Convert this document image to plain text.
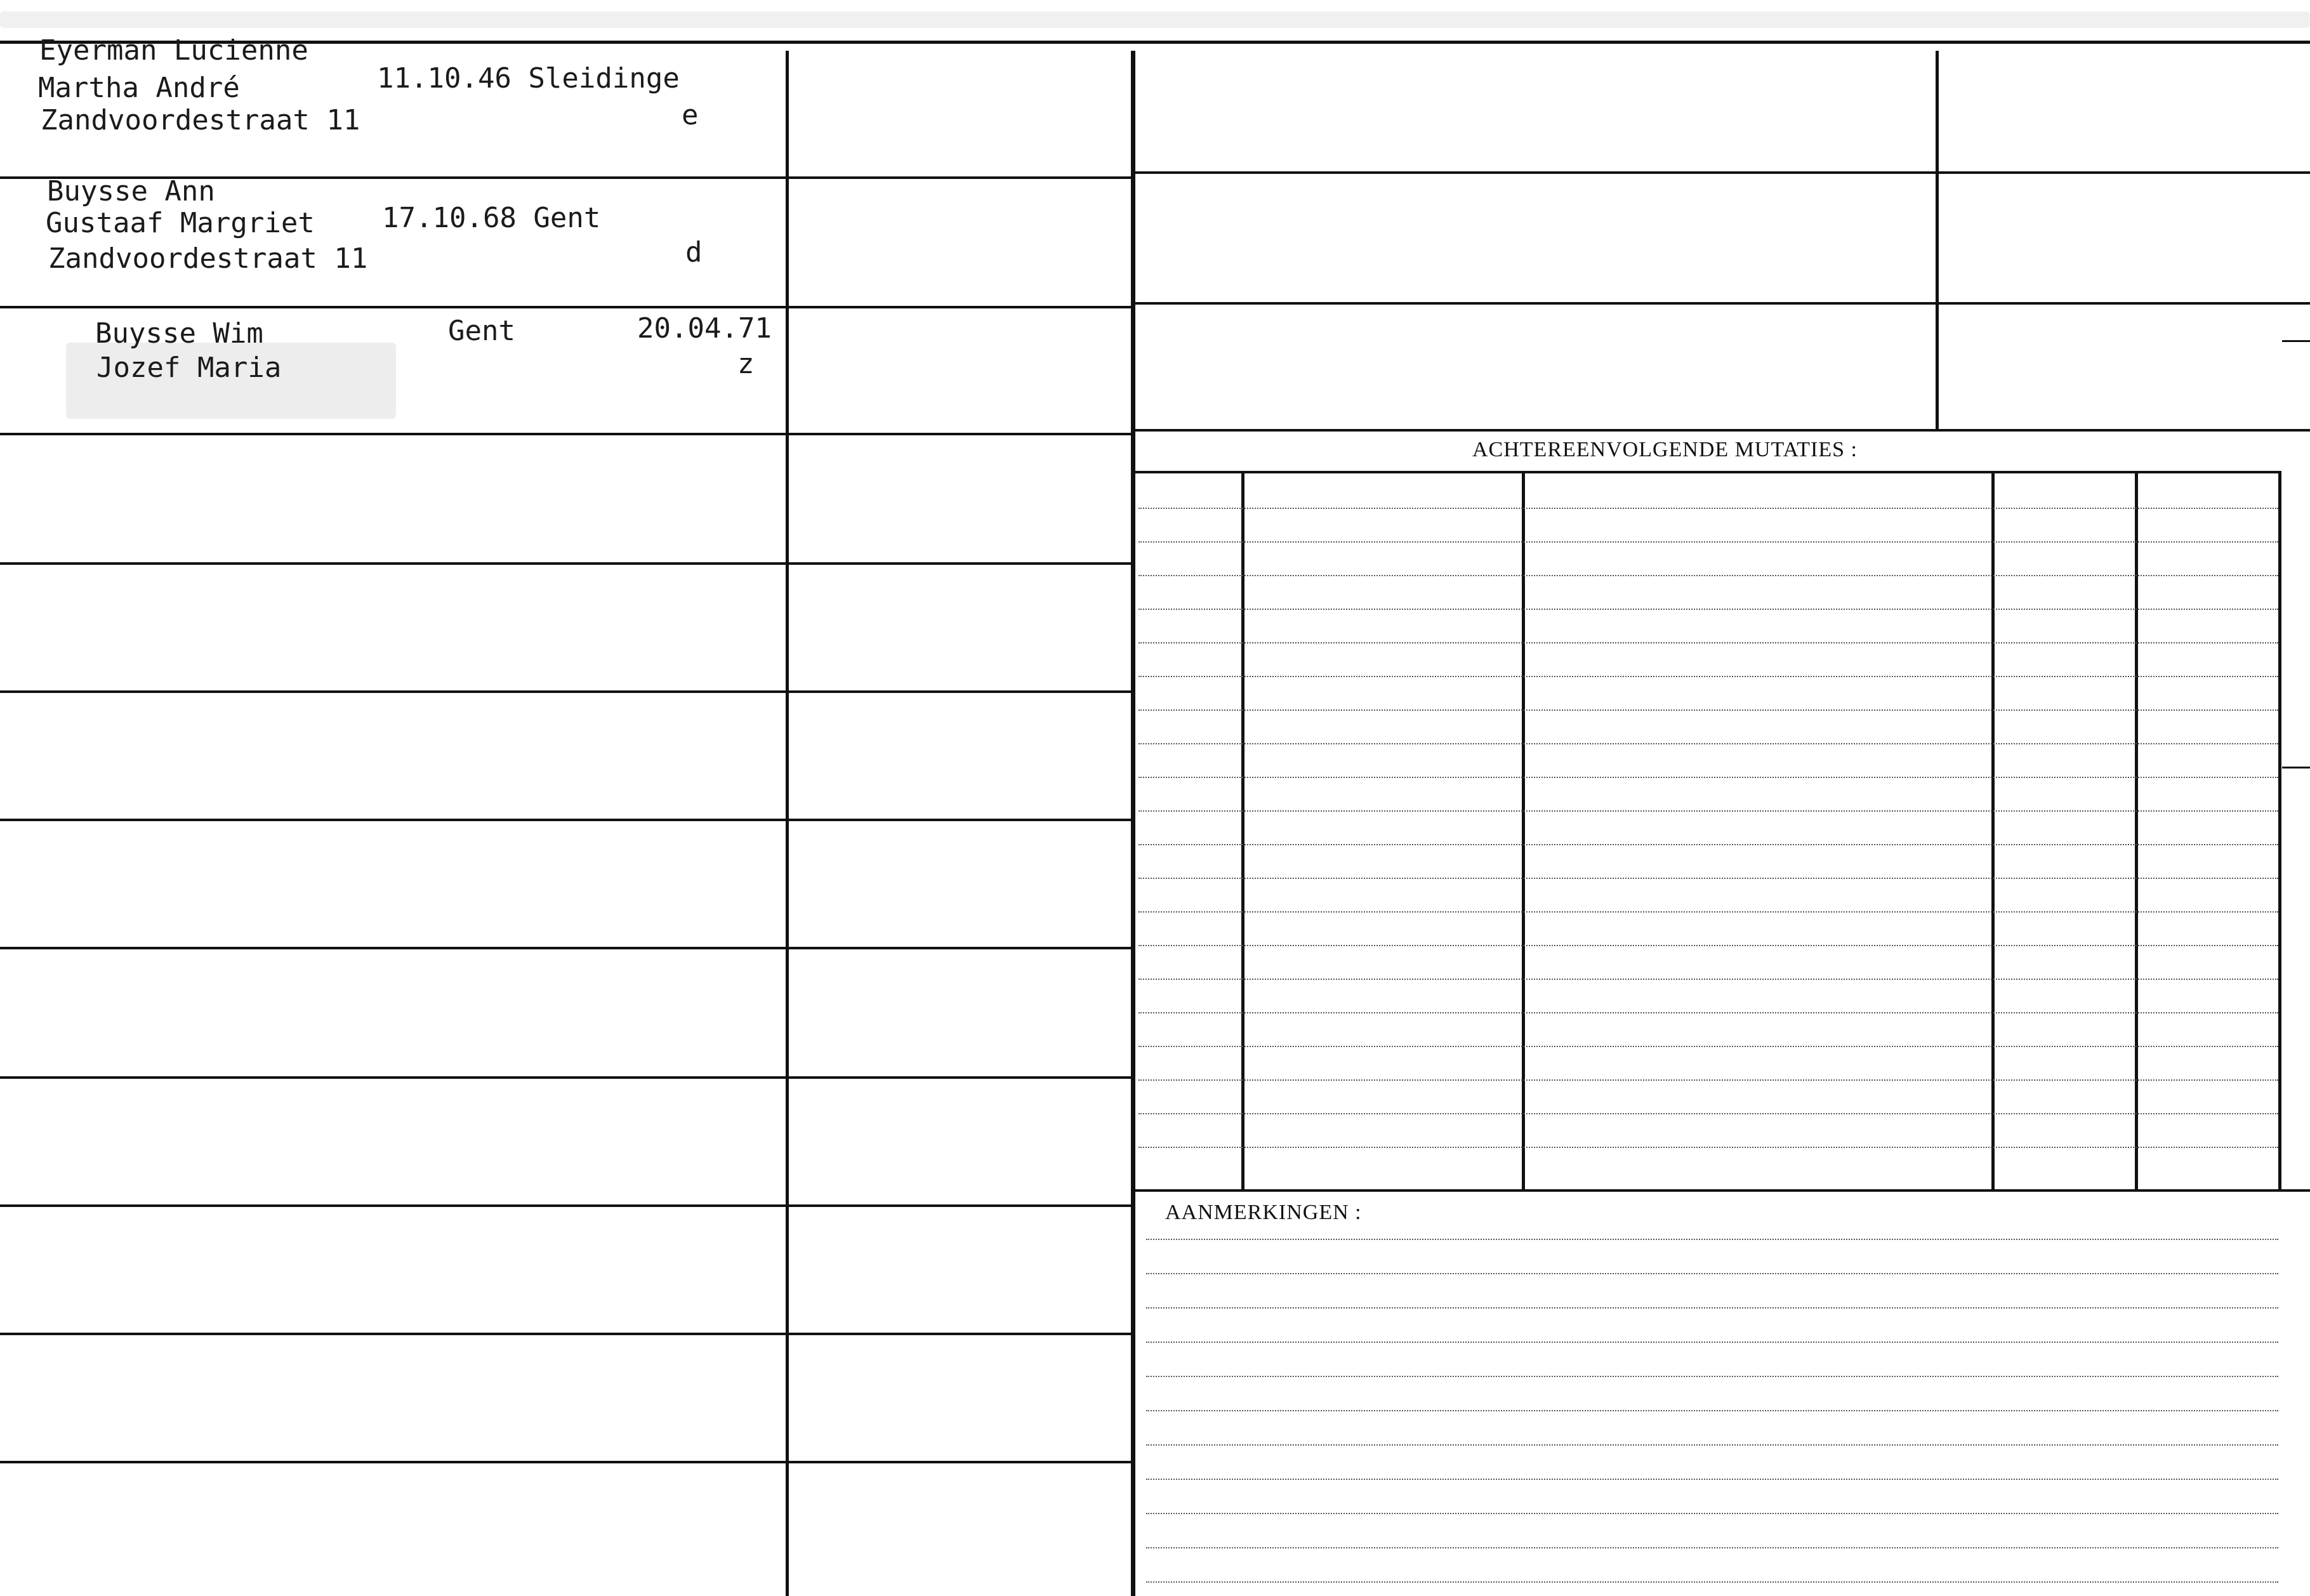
Eyerman Lucienne
Martha André
Zandvoordestraat 11
11.10.46 Sleidinge
e
Buysse Ann
Gustaaf Margriet
Zandvoordestraat 11
17.10.68 Gent
d
Buysse Wim
Jozef Maria
Gent	20.04.71
z
ACHTEREENVOLGENDE MUTATIES :
AANMERKINGEN :
